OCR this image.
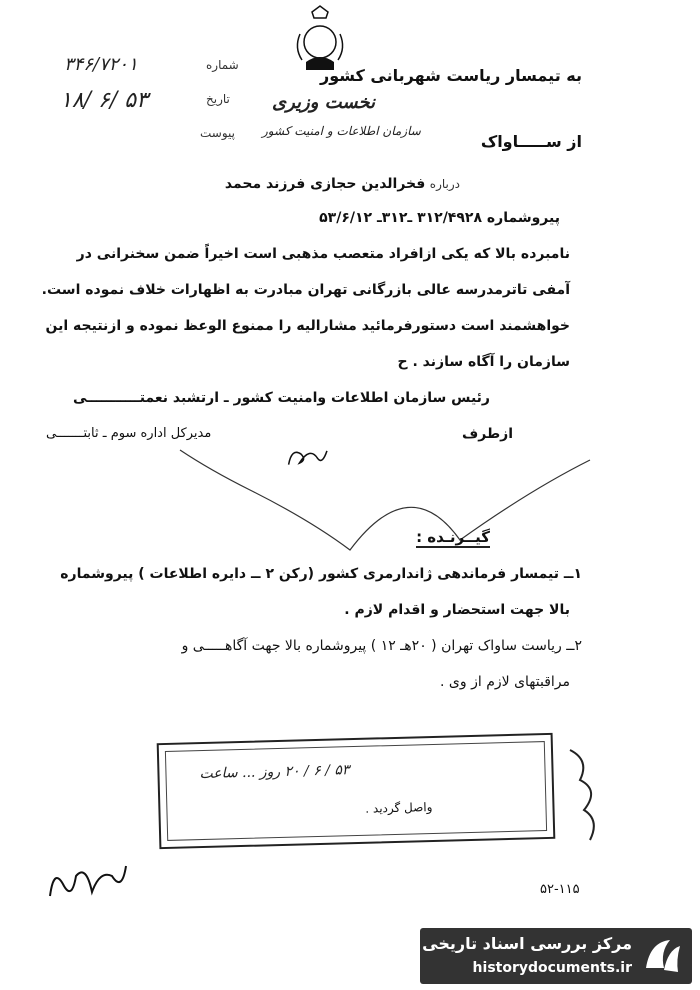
به تیمسار ریاست شهربانی کشور
نخست وزیری
سازمان اطلاعات و امنیت کشور
از ســـــاواک
شماره
۳۴۶/۷۲۰۱
تاریخ
۱۸/ ۶/ ۵۳
پیوست
درباره فخرالدین حجازی فرزند محمد
پیروشماره ۳۱۲/۴۹۲۸ ـ۳۱۲ـ ۵۳/۶/۱۲
نامبرده بالا که یکی ازافراد متعصب مذهبی است اخیراً ضمن سخنرانی در
آمفی تاترمدرسه عالی بازرگانی تهران مبادرت به اظهارات خلاف نموده است.
خواهشمند است دستورفرمائید مشارالیه را ممنوع الوعظ نموده و ازنتیجه این
سازمان را آگاه سازند . ح
رئیس سازمان اطلاعات وامنیت کشور ـ ارتشبد نعمتـــــــــــی
ازطرف
مدیرکل اداره سوم ـ ثابتـــــــی
گیــرنـده :
۱ــ تیمسار فرماندهی ژاندارمری کشور (رکن ۲ ــ دایره اطلاعات ) پیروشماره
بالا جهت استحضار و اقدام لازم .
۲ــ ریاست ساواک تهران ( ۲۰هـ ۱۲ ) پیروشماره بالا جهت آگاهـــــی و
مراقبتهای لازم از وی .
۵۳ / ۶ / ۲۰ روز ... ساعت
واصل گردید .
۵۲-۱۱۵
مرکز بررسی اسناد تاریخی
historydocuments.ir
